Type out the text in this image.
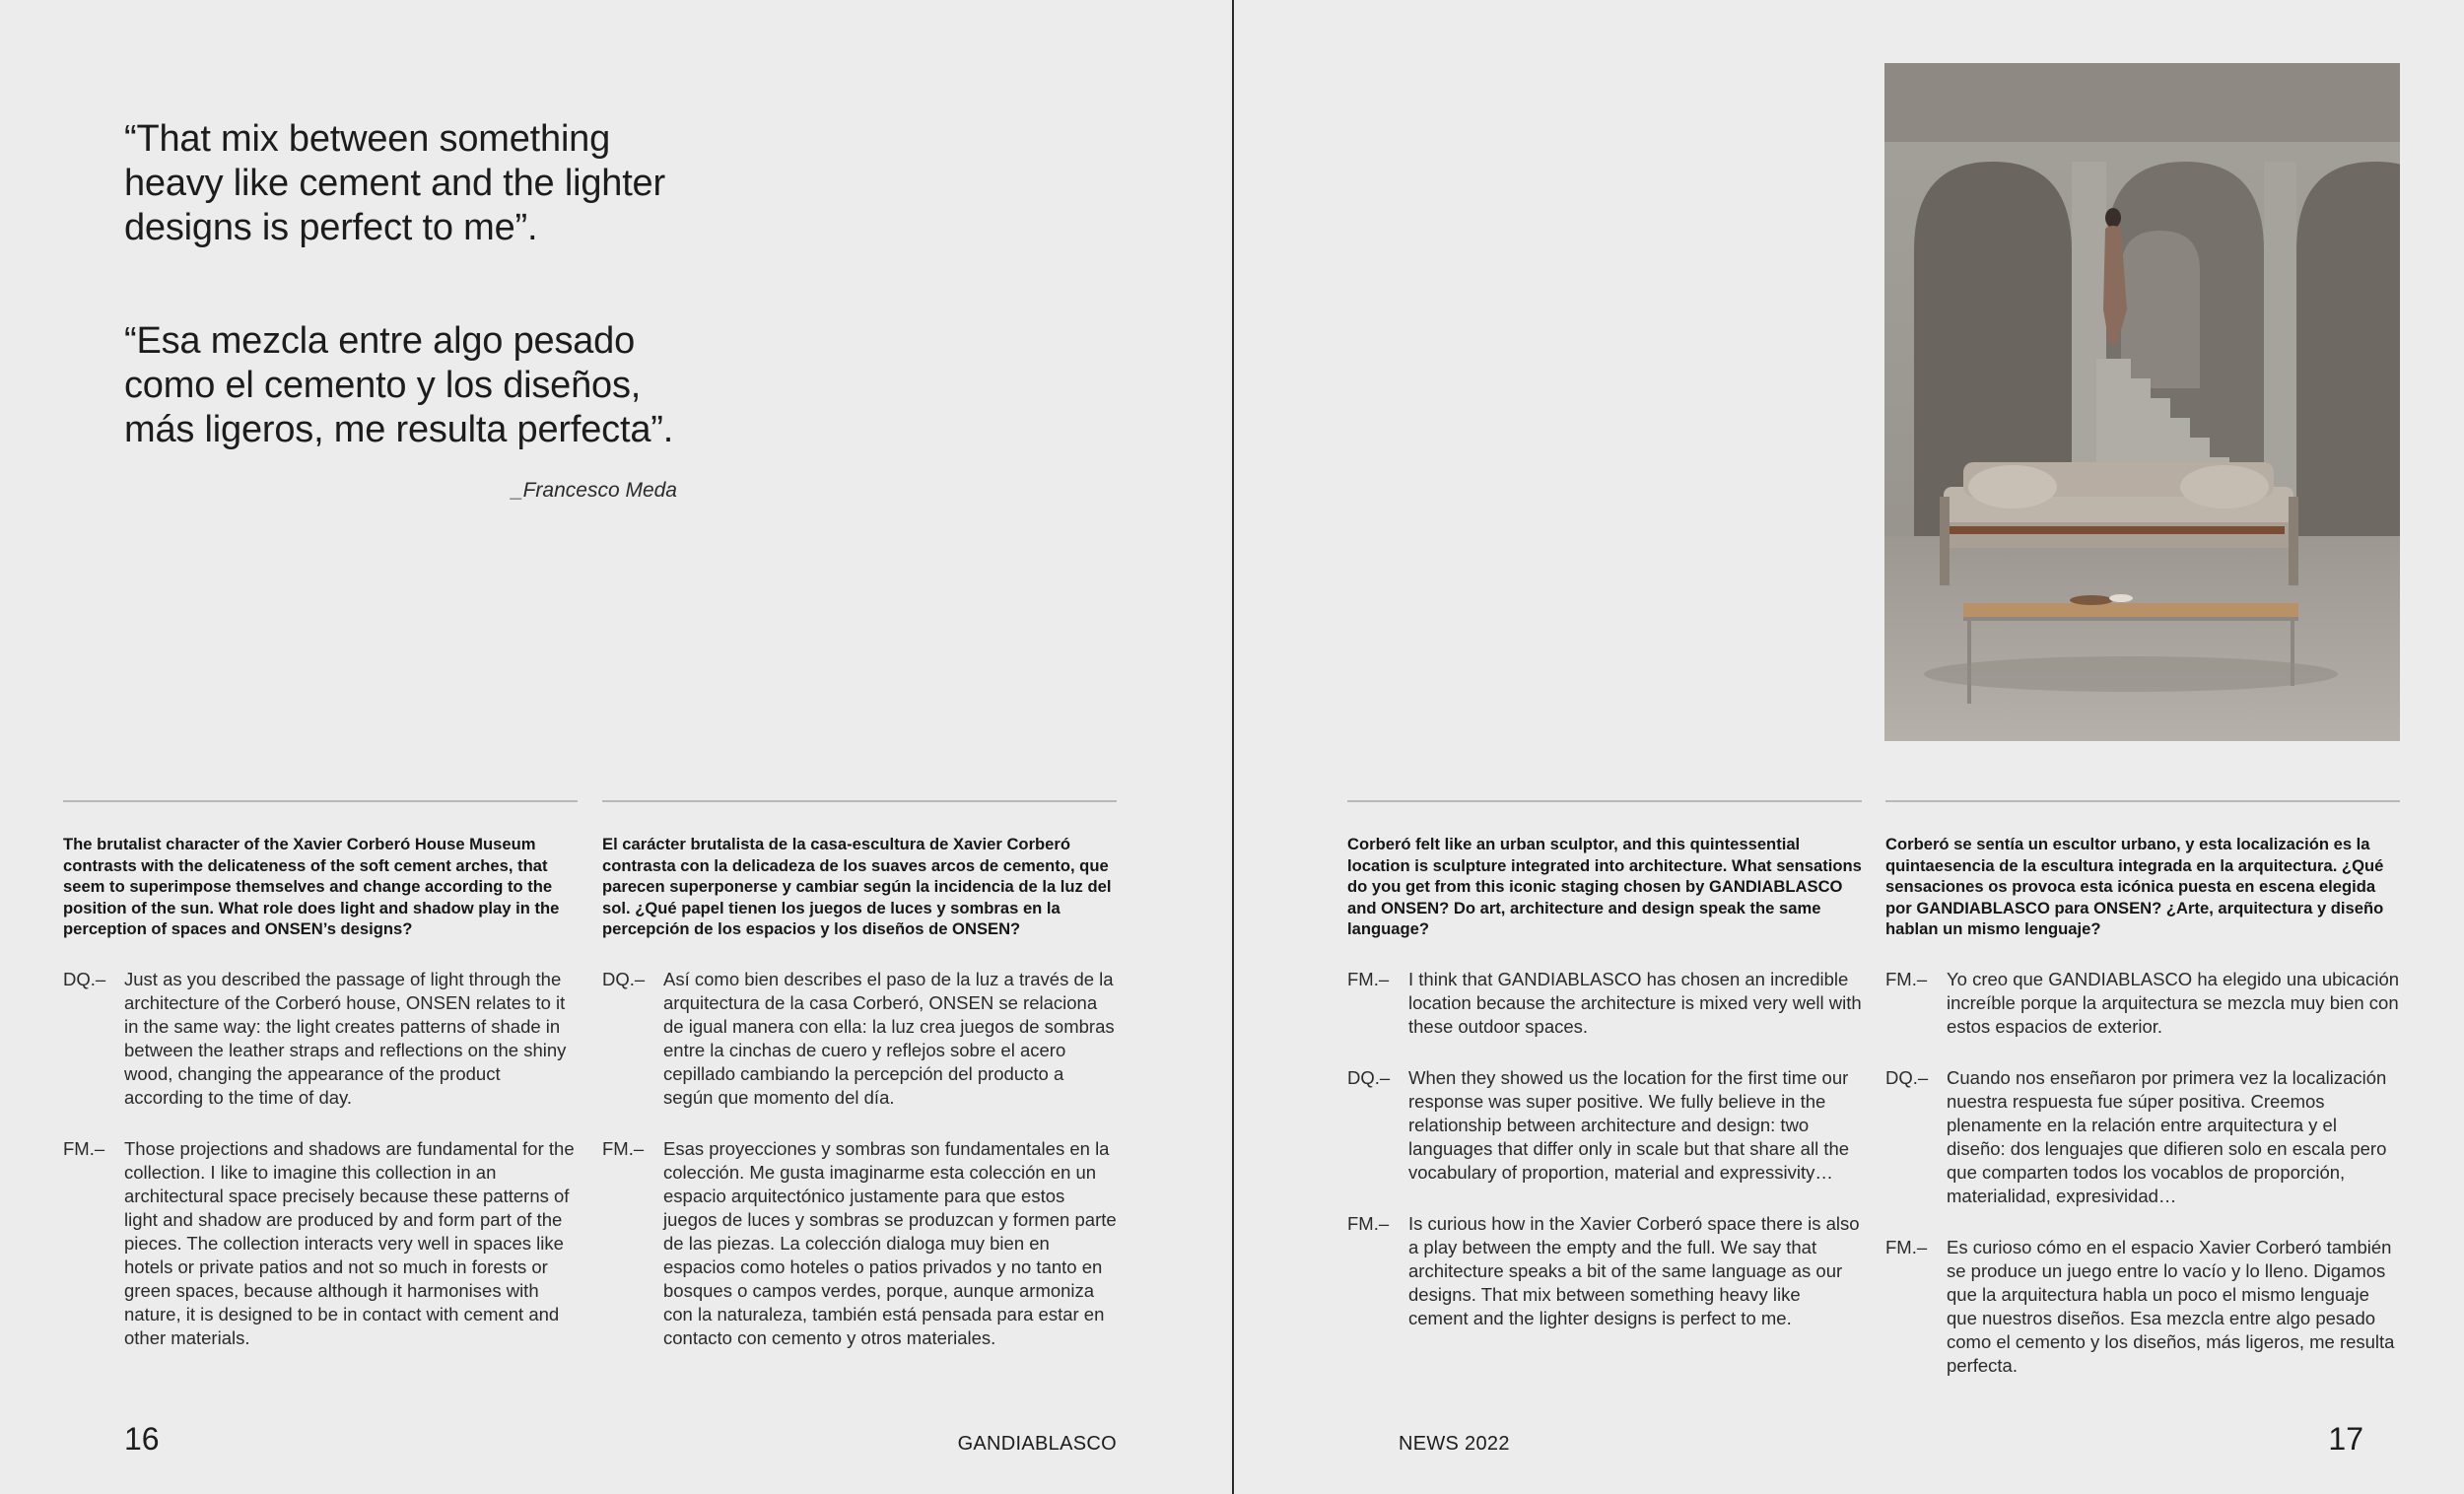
“That mix between something heavy like cement and the lighter designs is perfect to me”.

“Esa mezcla entre algo pesado como el cemento y los diseños, más ligeros, me resulta perfecta”.

_Francesco Meda

The brutalist character of the Xavier Corberó House Museum contrasts with the delicateness of the soft cement arches, that seem to superimpose themselves and change according to the position of the sun. What role does light and shadow play in the perception of spaces and ONSEN’s designs?

DQ.–	Just as you described the passage of light through the architecture of the Corberó house, ONSEN relates to it in the same way: the light creates patterns of shade in between the leather straps and reflections on the shiny wood, changing the appearance of the product according to the time of day.

FM.–	Those projections and shadows are fundamental for the collection. I like to imagine this collection in an architectural space precisely because these patterns of light and shadow are produced by and form part of the pieces. The collection interacts very well in spaces like hotels or private patios and not so much in forests or green spaces, because although it harmonises with nature, it is designed to be in contact with cement and other materials.

El carácter brutalista de la casa-escultura de Xavier Corberó contrasta con la delicadeza de los suaves arcos de cemento, que parecen superponerse y cambiar según la incidencia de la luz del sol. ¿Qué papel tienen los juegos de luces y sombras en la percepción de los espacios y los diseños de ONSEN?

DQ.–	Así como bien describes el paso de la luz a través de la arquitectura de la casa Corberó, ONSEN se relaciona de igual manera con ella: la luz crea juegos de sombras entre la cinchas de cuero y reflejos sobre el acero cepillado cambiando la percepción del producto a según que momento del día.

FM.–	Esas proyecciones y sombras son fundamentales en la colección. Me gusta imaginarme esta colección en un espacio arquitectónico justamente para que estos juegos de luces y sombras se produzcan y formen parte de las piezas. La colección dialoga muy bien en espacios como hoteles o patios privados y no tanto en bosques o campos verdes, porque, aunque armoniza con la naturaleza, también está pensada para estar en contacto con cemento y otros materiales.

16	GANDIABLASCO

Corberó felt like an urban sculptor, and this quintessential location is sculpture integrated into architecture. What sensations do you get from this iconic staging chosen by GANDIABLASCO and ONSEN? Do art, architecture and design speak the same language?

FM.–	I think that GANDIABLASCO has chosen an incredible location because the architecture is mixed very well with these outdoor spaces.

DQ.–	When they showed us the location for the first time our response was super positive. We fully believe in the relationship between architecture and design: two languages that differ only in scale but that share all the vocabulary of proportion, material and expressivity…

FM.–	Is curious how in the Xavier Corberó space there is also a play between the empty and the full. We say that architecture speaks a bit of the same language as our designs. That mix between something heavy like cement and the lighter designs is perfect to me.

Corberó se sentía un escultor urbano, y esta localización es la quintaesencia de la escultura integrada en la arquitectura. ¿Qué sensaciones os provoca esta icónica puesta en escena elegida por GANDIABLASCO para ONSEN? ¿Arte, arquitectura y diseño hablan un mismo lenguaje?

FM.–	Yo creo que GANDIABLASCO ha elegido una ubicación increíble porque la arquitectura se mezcla muy bien con estos espacios de exterior.

DQ.–	Cuando nos enseñaron por primera vez la localización nuestra respuesta fue súper positiva. Creemos plenamente en la relación entre arquitectura y el diseño: dos lenguajes que difieren solo en escala pero que comparten todos los vocablos de proporción, materialidad, expresividad…

FM.–	Es curioso cómo en el espacio Xavier Corberó también se produce un juego entre lo vacío y lo lleno. Digamos que la arquitectura habla un poco el mismo lenguaje que nuestros diseños. Esa mezcla entre algo pesado como el cemento y los diseños, más ligeros, me resulta perfecta.

NEWS 2022	17
